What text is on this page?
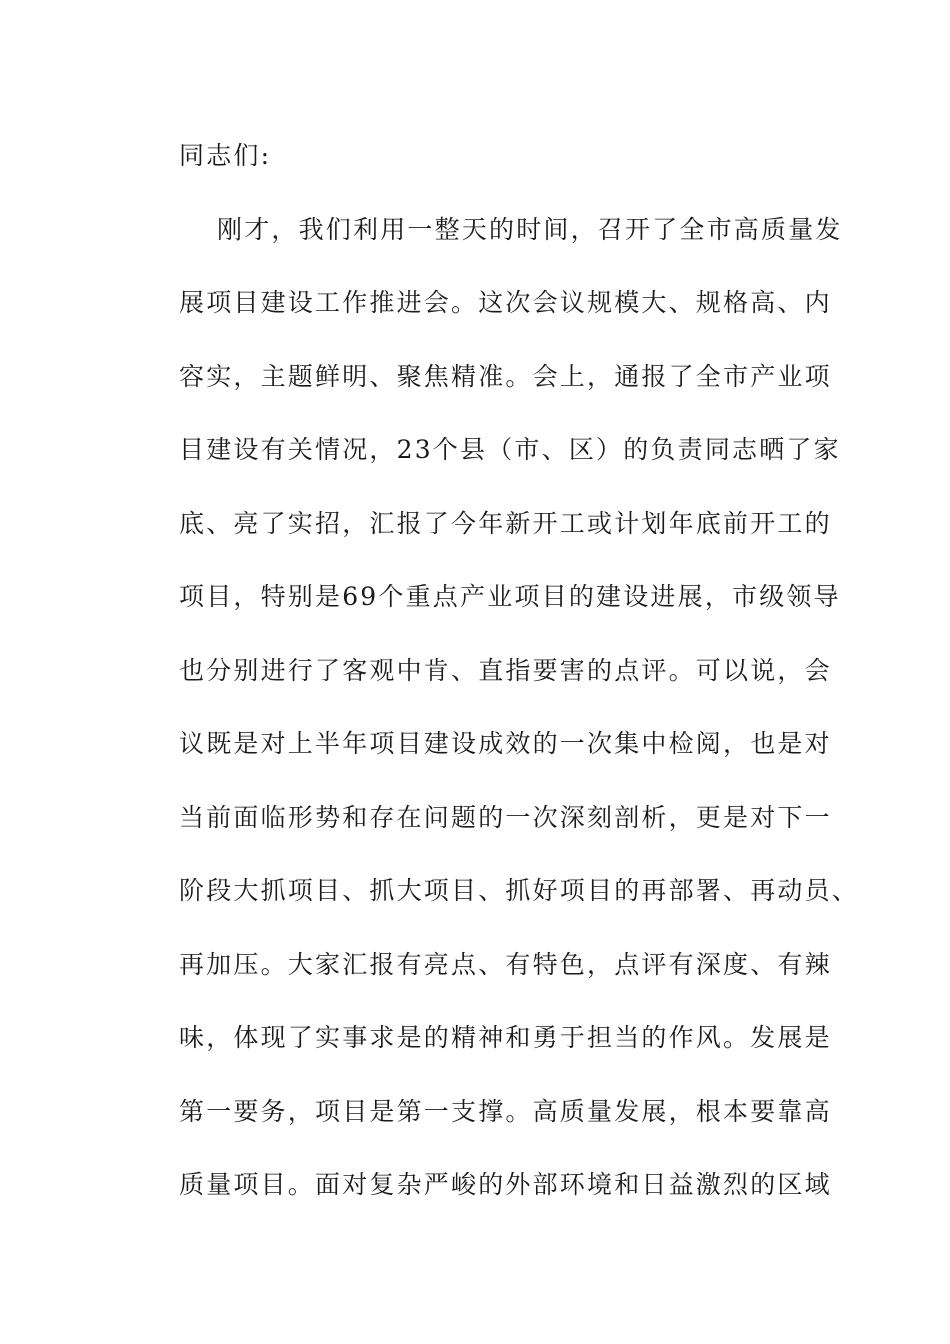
同志们:
刚才，我们利用一整天的时间，召开了全市高质量发
展项目建设工作推进会。这次会议规模大、规格高、内
容实，主题鲜明、聚焦精准。会上，通报了全市产业项
目建设有关情况，23个县（市、区）的负责同志晒了家
底、亮了实招，汇报了今年新开工或计划年底前开工的
项目，特别是69个重点产业项目的建设进展，市级领导
也分别进行了客观中肯、直指要害的点评。可以说，会
议既是对上半年项目建设成效的一次集中检阅，也是对
当前面临形势和存在问题的一次深刻剖析，更是对下一
阶段大抓项目、抓大项目、抓好项目的再部署、再动员、
再加压。大家汇报有亮点、有特色，点评有深度、有辣
味，体现了实事求是的精神和勇于担当的作风。发展是
第一要务，项目是第一支撑。高质量发展，根本要靠高
质量项目。面对复杂严峻的外部环境和日益激烈的区域
